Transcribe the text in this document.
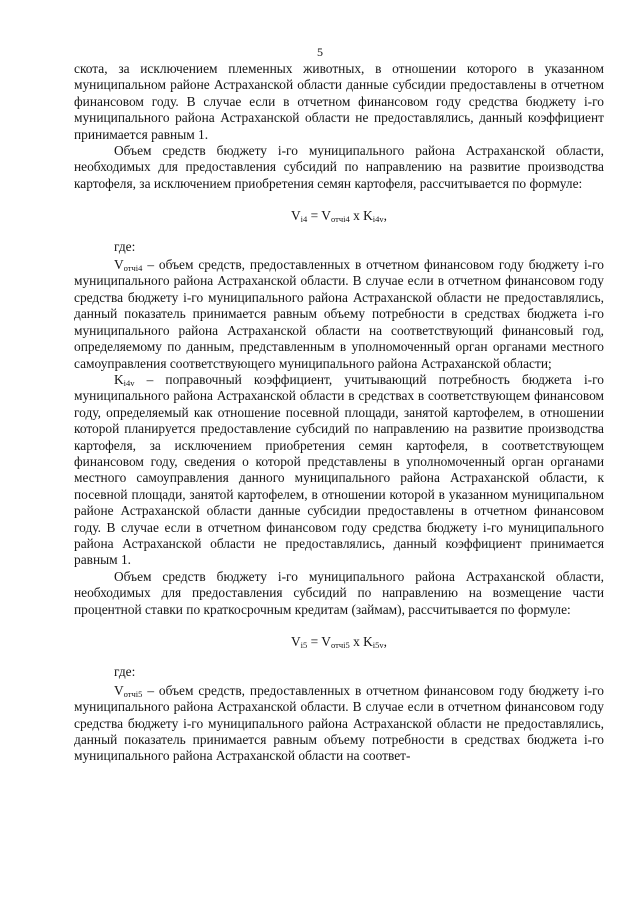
5

скота, за исключением племенных животных, в отношении которого в указанном муниципальном районе Астраханской области данные субсидии предоставлены в отчетном финансовом году. В случае если в отчетном финансовом году средства бюджету i-го муниципального района Астраханской области не предоставлялись, данный коэффициент принимается равным 1.

Объем средств бюджету i-го муниципального района Астраханской области, необходимых для предоставления субсидий по направлению на развитие производства картофеля, за исключением приобретения семян картофеля, рассчитывается по формуле:

$V_{i4} = V_{отчi4}$ x $K_{i4v}$,

где:

$V_{отчi4}$ – объем средств, предоставленных в отчетном финансовом году бюджету i-го муниципального района Астраханской области. В случае если в отчетном финансовом году средства бюджету i-го муниципального района Астраханской области не предоставлялись, данный показатель принимается равным объему потребности в средствах бюджета i-го муниципального района Астраханской области на соответствующий финансовый год, определяемому по данным, представленным в уполномоченный орган органами местного самоуправления соответствующего муниципального района Астраханской области;

$K_{i4v}$ – поправочный коэффициент, учитывающий потребность бюджета i-го муниципального района Астраханской области в средствах в соответствующем финансовом году, определяемый как отношение посевной площади, занятой картофелем, в отношении которой планируется предоставление субсидий по направлению на развитие производства картофеля, за исключением приобретения семян картофеля, в соответствующем финансовом году, сведения о которой представлены в уполномоченный орган органами местного самоуправления данного муниципального района Астраханской области, к посевной площади, занятой картофелем, в отношении которой в указанном муниципальном районе Астраханской области данные субсидии предоставлены в отчетном финансовом году. В случае если в отчетном финансовом году средства бюджету i-го муниципального района Астраханской области не предоставлялись, данный коэффициент принимается равным 1.

Объем средств бюджету i-го муниципального района Астраханской области, необходимых для предоставления субсидий по направлению на возмещение части процентной ставки по краткосрочным кредитам (займам), рассчитывается по формуле:

$V_{i5} = V_{отчi5}$ x $K_{i5v}$,

где:

$V_{отчi5}$ – объем средств, предоставленных в отчетном финансовом году бюджету i-го муниципального района Астраханской области. В случае если в отчетном финансовом году средства бюджету i-го муниципального района Астраханской области не предоставлялись, данный показатель принимается равным объему потребности в средствах бюджета i-го муниципального района Астраханской области на соответ-
